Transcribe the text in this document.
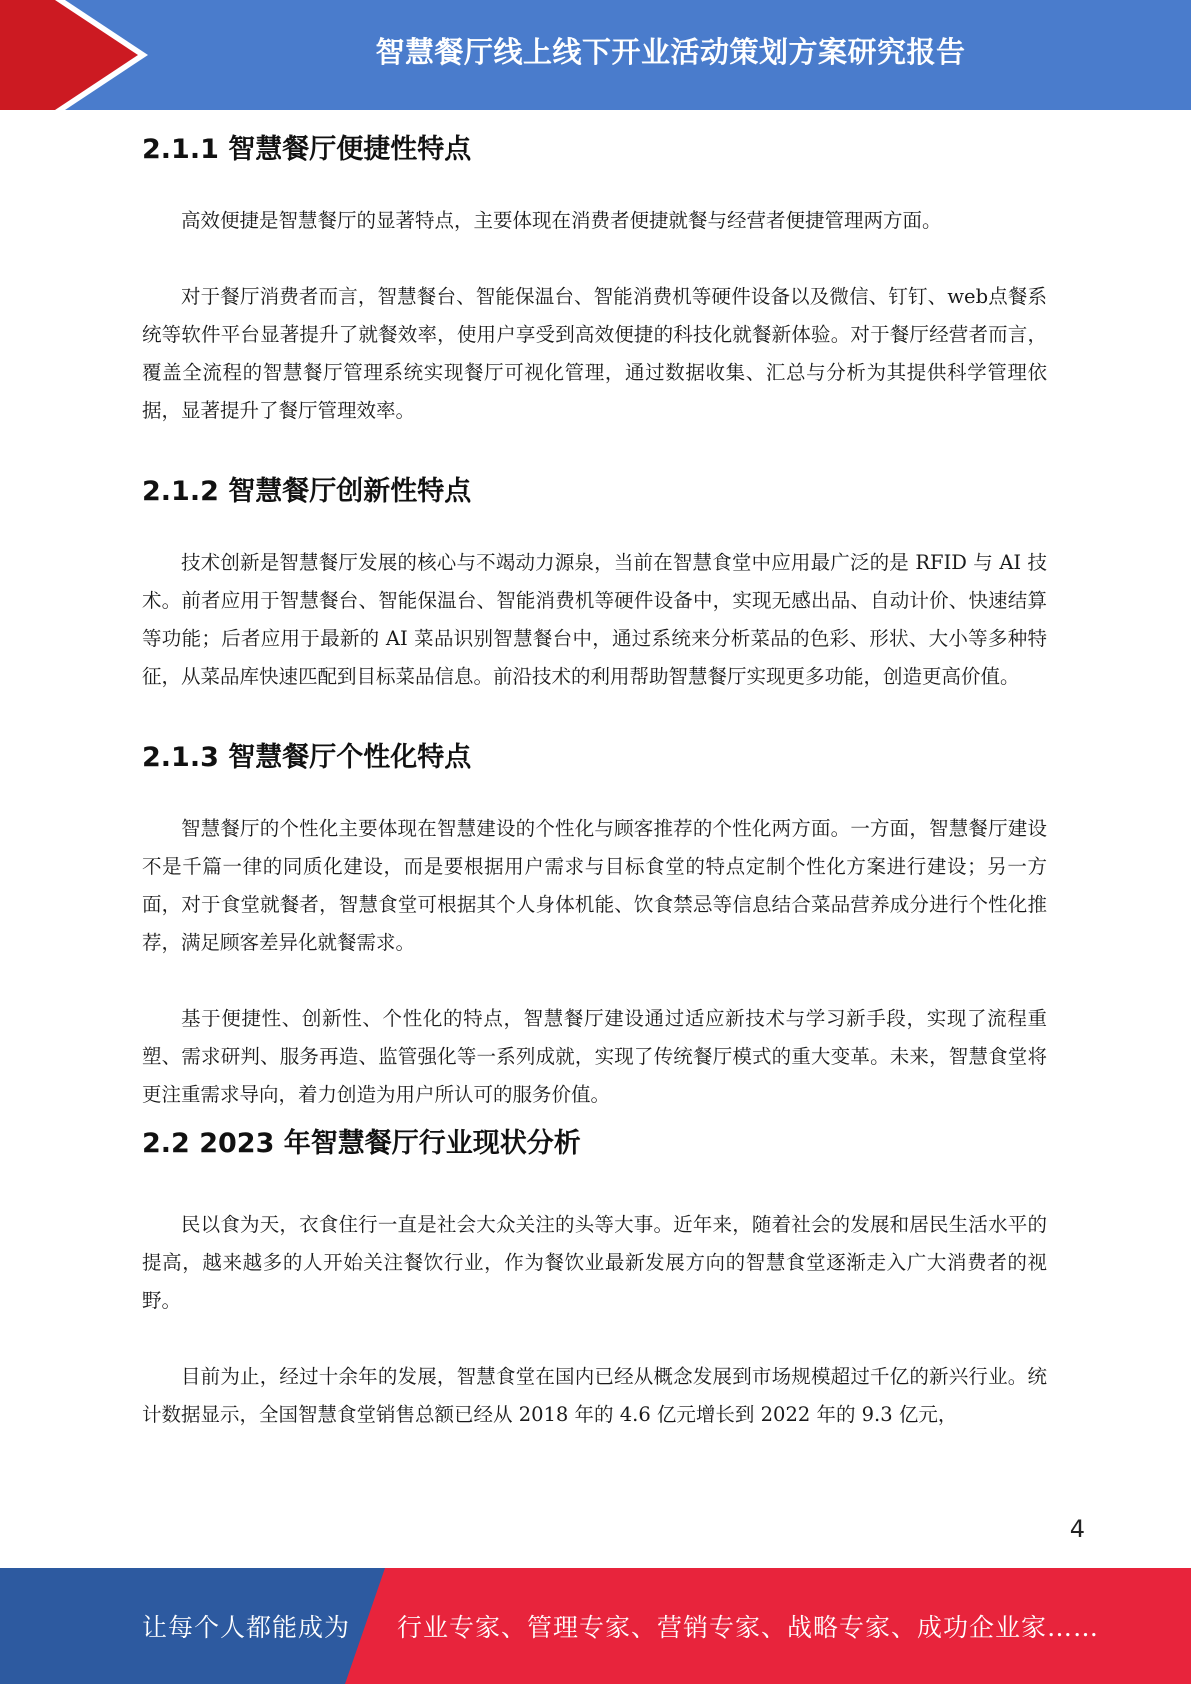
智慧餐厅线上线下开业活动策划方案研究报告
2.1.1 智慧餐厅便捷性特点

高效便捷是智慧餐厅的显著特点，主要体现在消费者便捷就餐与经营者便捷管理两方面。

对于餐厅消费者而言，智慧餐台、智能保温台、智能消费机等硬件设备以及微信、钉钉、web点餐系统等软件平台显著提升了就餐效率，使用户享受到高效便捷的科技化就餐新体验。对于餐厅经营者而言，覆盖全流程的智慧餐厅管理系统实现餐厅可视化管理，通过数据收集、汇总与分析为其提供科学管理依据，显著提升了餐厅管理效率。

2.1.2 智慧餐厅创新性特点

技术创新是智慧餐厅发展的核心与不竭动力源泉，当前在智慧食堂中应用最广泛的是 RFID 与 AI 技术。前者应用于智慧餐台、智能保温台、智能消费机等硬件设备中，实现无感出品、自动计价、快速结算等功能；后者应用于最新的 AI 菜品识别智慧餐台中，通过系统来分析菜品的色彩、形状、大小等多种特征，从菜品库快速匹配到目标菜品信息。前沿技术的利用帮助智慧餐厅实现更多功能，创造更高价值。

2.1.3 智慧餐厅个性化特点

智慧餐厅的个性化主要体现在智慧建设的个性化与顾客推荐的个性化两方面。一方面，智慧餐厅建设不是千篇一律的同质化建设，而是要根据用户需求与目标食堂的特点定制个性化方案进行建设；另一方面，对于食堂就餐者，智慧食堂可根据其个人身体机能、饮食禁忌等信息结合菜品营养成分进行个性化推荐，满足顾客差异化就餐需求。

基于便捷性、创新性、个性化的特点，智慧餐厅建设通过适应新技术与学习新手段，实现了流程重塑、需求研判、服务再造、监管强化等一系列成就，实现了传统餐厅模式的重大变革。未来，智慧食堂将更注重需求导向，着力创造为用户所认可的服务价值。

2.2 2023 年智慧餐厅行业现状分析

民以食为天，衣食住行一直是社会大众关注的头等大事。近年来，随着社会的发展和居民生活水平的提高，越来越多的人开始关注餐饮行业，作为餐饮业最新发展方向的智慧食堂逐渐走入广大消费者的视野。

目前为止，经过十余年的发展，智慧食堂在国内已经从概念发展到市场规模超过千亿的新兴行业。统计数据显示，全国智慧食堂销售总额已经从 2018 年的 4.6 亿元增长到 2022 年的 9.3 亿元，

4
让每个人都能成为 行业专家、管理专家、营销专家、战略专家、成功企业家……
